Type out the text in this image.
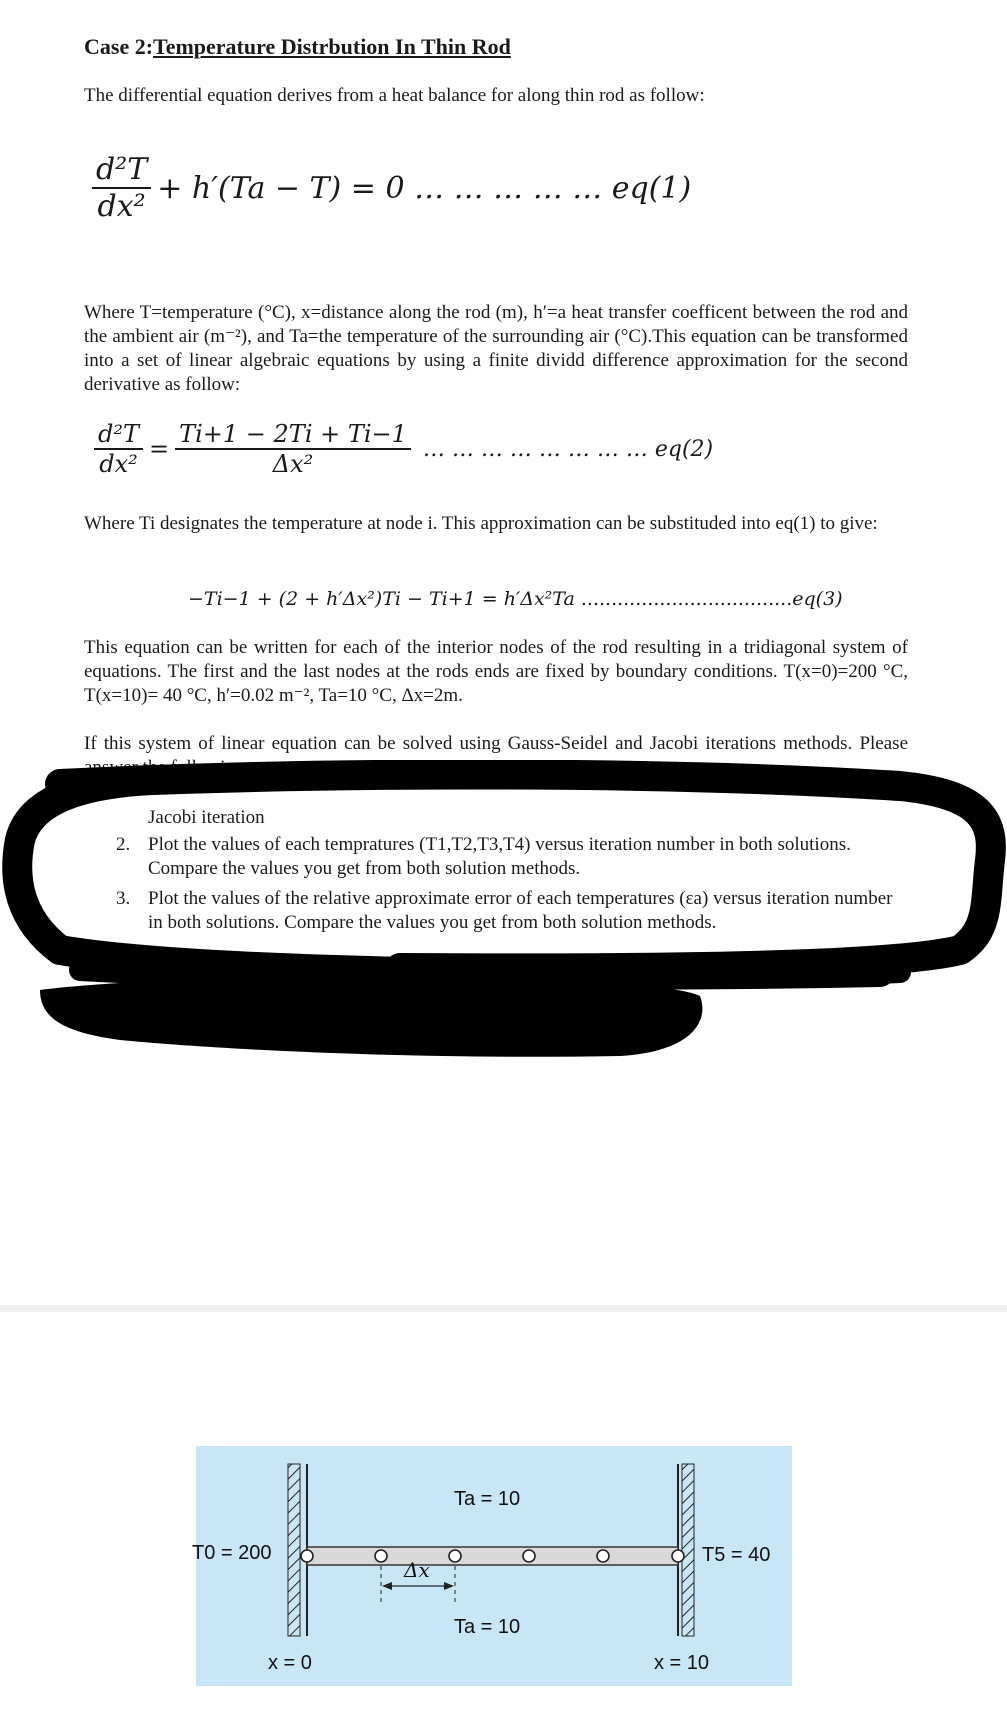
Case 2:Temperature Distrbution In Thin Rod
The differential equation derives from a heat balance for along thin rod as follow:
$\frac{\text{d²T}}{\text{dx²}} + h'(Ta - T) = 0$ … … … … … eq(1)
Where T=temperature (°C), x=distance along the rod (m), h′=a heat transfer coefficent between the rod and the ambient air (m⁻²), and Ta=the temperature of the surrounding air (°C).This equation can be transformed into a set of linear algebraic equations by using a finite dividd difference approximation for the second derivative as follow:
$\frac{\text{d²T}}{\text{dx²}} = \frac{Ti+1 - 2Ti + Ti-1}{\text{Δx²}}$ … … … … … … … … eq(2)
Where Ti designates the temperature at node i. This approximation can be substituded into eq(1) to give:
−Ti−1 + (2 + h′Δx²)Ti − Ti+1 = h′Δx²Ta ...................................eq(3)
This equation can be written for each of the interior nodes of the rod resulting in a tridiagonal system of equations. The first and the last nodes at the rods ends are fixed by boundary conditions. T(x=0)=200 °C, T(x=10)= 40 °C, h′=0.02 m⁻², Ta=10 °C, Δx=2m.
If this system of linear equation can be solved using Gauss-Seidel and Jacobi iterations methods. Please answer the following:
Jacobi iteration
2. Plot the values of each tempratures (T1,T2,T3,T4) versus iteration number in both solutions. Compare the values you get from both solution methods.
3. Plot the values of the relative approximate error of each temperatures (εa) versus iteration number in both solutions. Compare the values you get from both solution methods.
Ta = 10
Ta = 10
T0 = 200	T5 = 40
Δx
x = 0	x = 10
